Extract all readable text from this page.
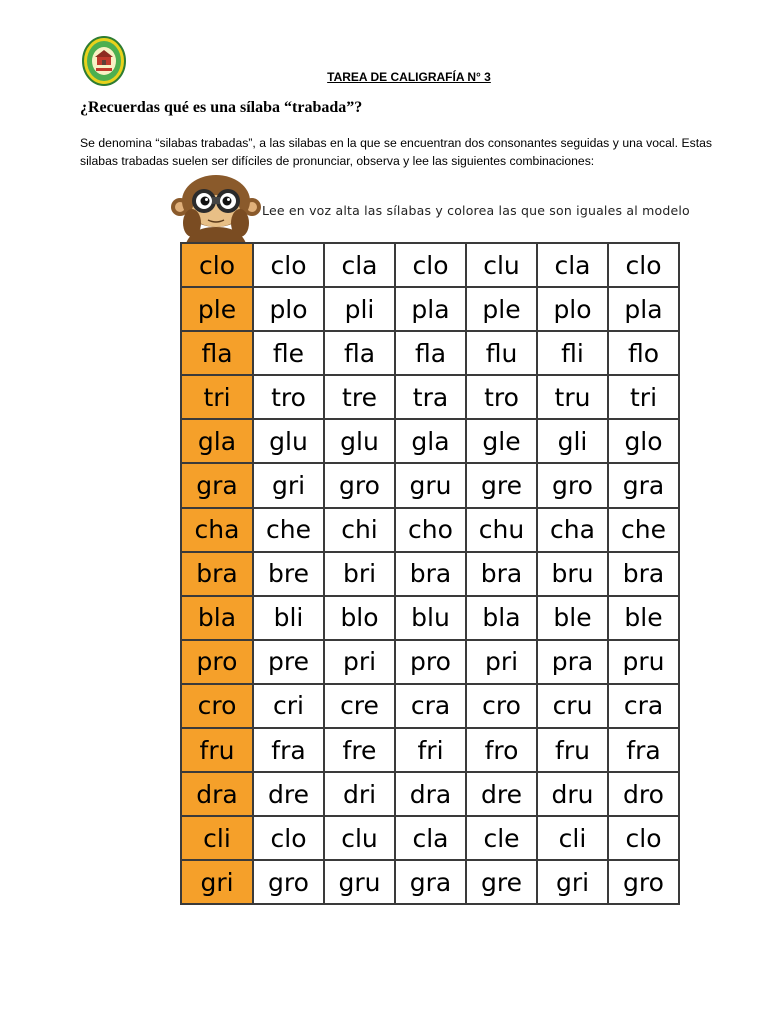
TAREA DE CALIGRAFÍA N° 3
¿Recuerdas qué es una sílaba “trabada”?

Se denomina “silabas trabadas”, a las silabas en la que se encuentran dos consonantes seguidas y una vocal. Estas silabas trabadas suelen ser difíciles de pronunciar, observa y lee las siguientes combinaciones:

Lee en voz alta las sílabas y colorea las que son iguales al modelo
clo	clo	cla	clo	clu	cla	clo
ple	plo	pli	pla	ple	plo	pla
fla	fle	fla	fla	flu	fli	flo
tri	tro	tre	tra	tro	tru	tri
gla	glu	glu	gla	gle	gli	glo
gra	gri	gro	gru	gre	gro	gra
cha	che	chi	cho	chu	cha	che
bra	bre	bri	bra	bra	bru	bra
bla	bli	blo	blu	bla	ble	ble
pro	pre	pri	pro	pri	pra	pru
cro	cri	cre	cra	cro	cru	cra
fru	fra	fre	fri	fro	fru	fra
dra	dre	dri	dra	dre	dru	dro
cli	clo	clu	cla	cle	cli	clo
gri	gro	gru	gra	gre	gri	gro
